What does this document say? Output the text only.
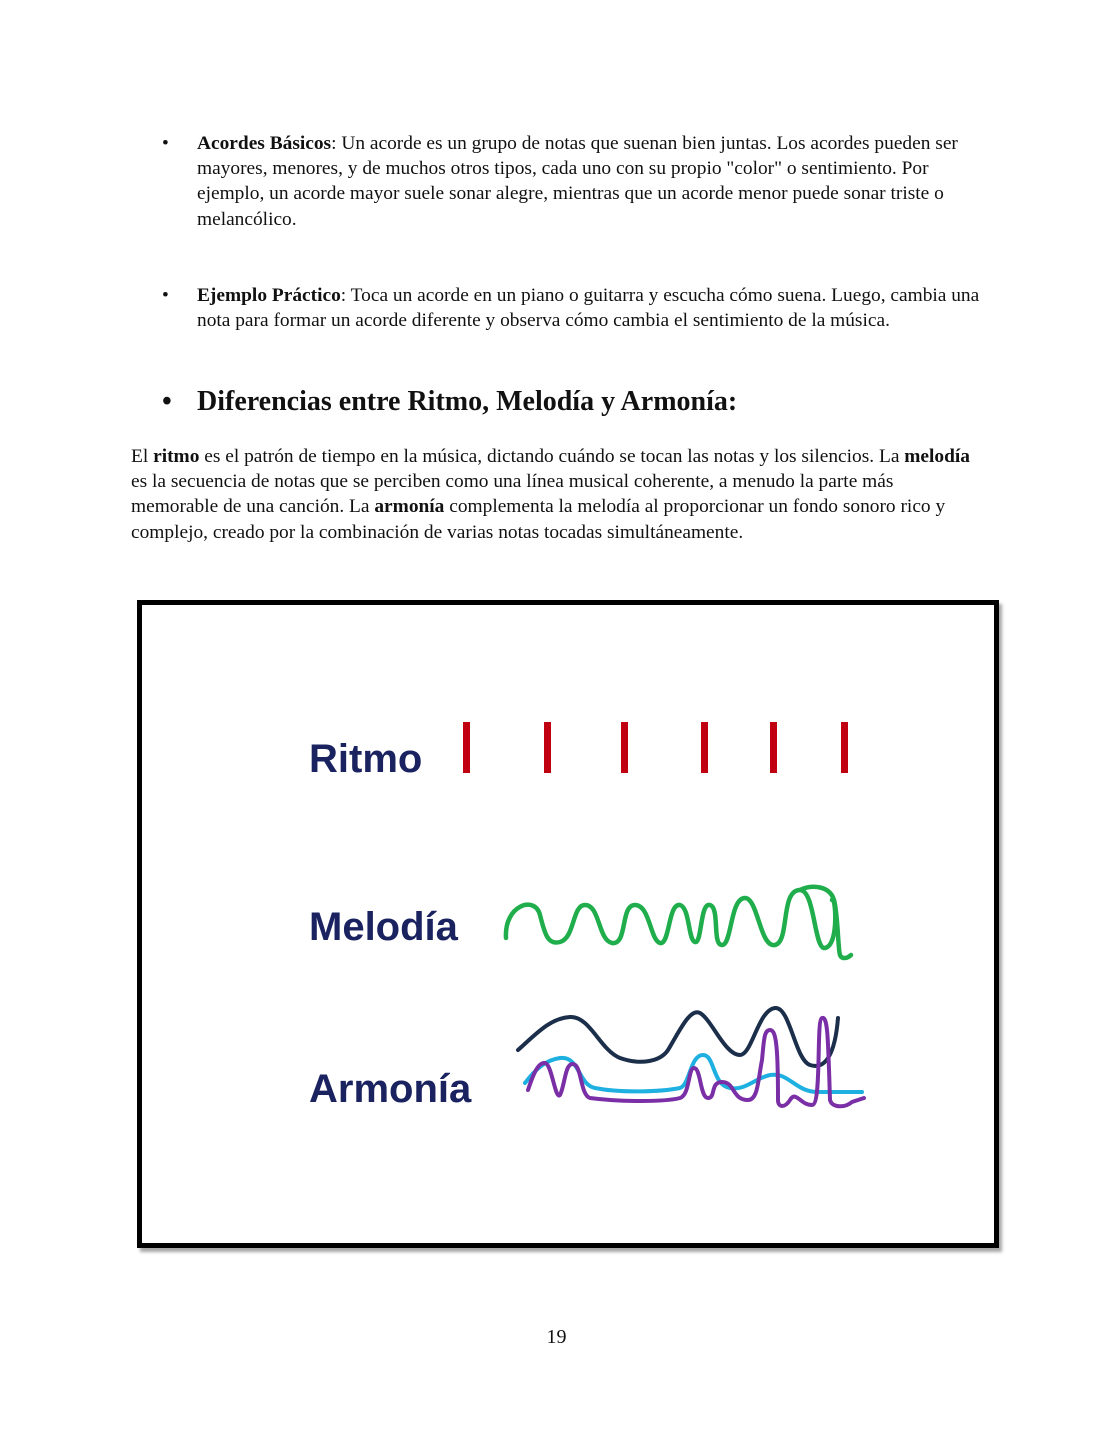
•	Acordes Básicos: Un acorde es un grupo de notas que suenan bien juntas. Los acordes pueden ser mayores, menores, y de muchos otros tipos, cada uno con su propio "color" o sentimiento. Por ejemplo, un acorde mayor suele sonar alegre, mientras que un acorde menor puede sonar triste o melancólico.
•	Ejemplo Práctico: Toca un acorde en un piano o guitarra y escucha cómo suena. Luego, cambia una nota para formar un acorde diferente y observa cómo cambia el sentimiento de la música.
• Diferencias entre Ritmo, Melodía y Armonía:
El ritmo es el patrón de tiempo en la música, dictando cuándo se tocan las notas y los silencios. La melodía es la secuencia de notas que se perciben como una línea musical coherente, a menudo la parte más memorable de una canción. La armonía complementa la melodía al proporcionar un fondo sonoro rico y complejo, creado por la combinación de varias notas tocadas simultáneamente.
Ritmo
Melodía
Armonía
19
